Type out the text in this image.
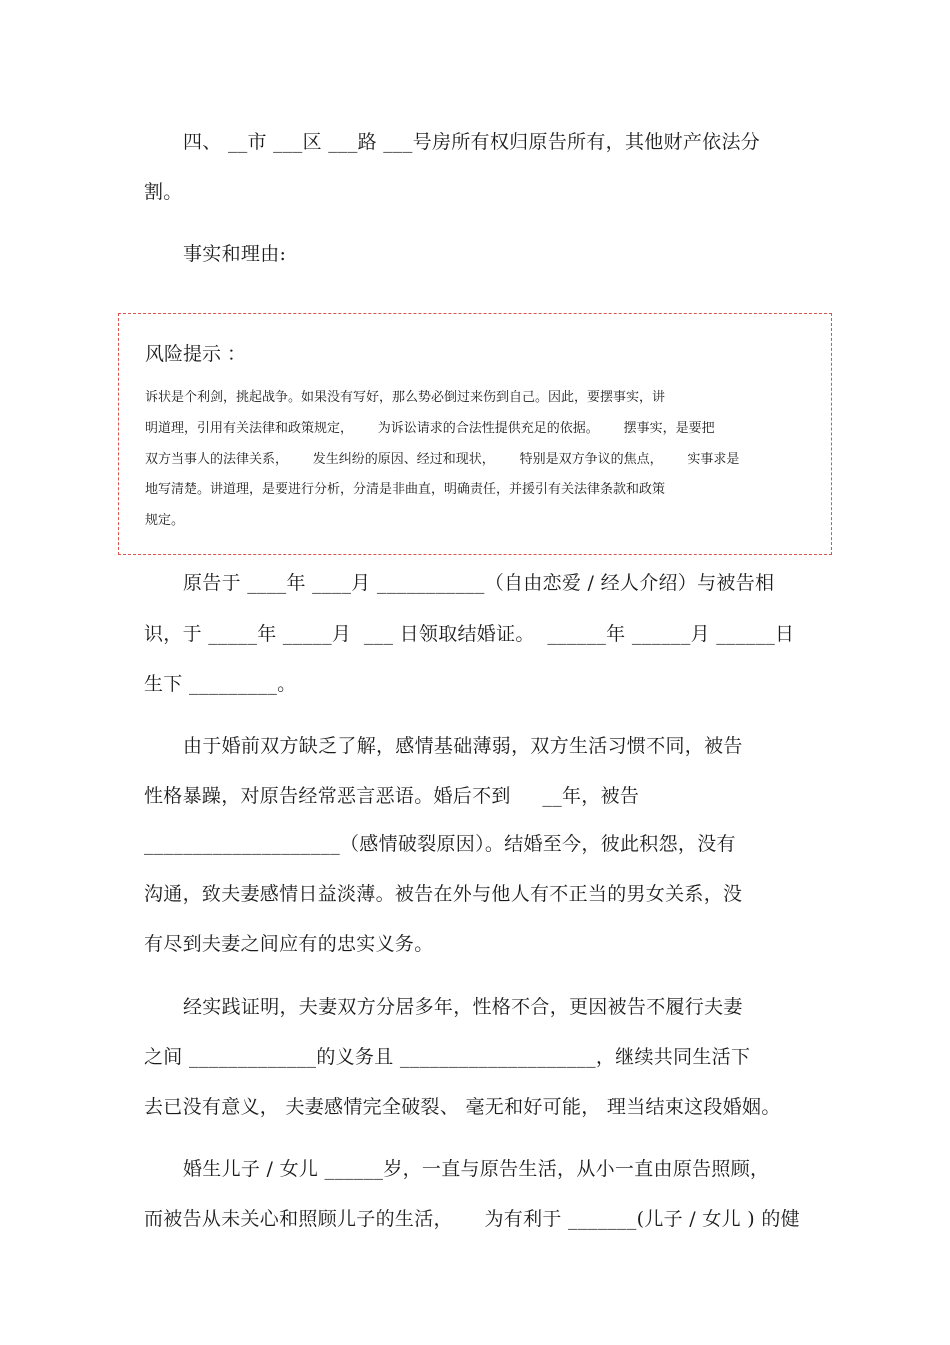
四、 __市 ___区 ___路 ___号房所有权归原告所有，其他财产依法分
割。
事实和理由:
风险提示 ：
诉状是个利剑，挑起战争。如果没有写好，那么势必倒过来伤到自己。因此，要摆事实，讲
明道理，引用有关法律和政策规定，      为诉讼请求的合法性提供充足的依据。      摆事实，是要把
双方当事人的法律关系，      发生纠纷的原因、经过和现状，      特别是双方争议的焦点，      实事求是
地写清楚。讲道理，是要进行分析，分清是非曲直，明确责任，并援引有关法律条款和政策
规定。
原告于 ____年 ____月 ___________（自由恋爱 / 经人介绍）与被告相
识，于 _____年 _____月  ___ 日领取结婚证。  ______年 ______月 ______日
生下 _________。
由于婚前双方缺乏了解，感情基础薄弱，双方生活习惯不同，被告
性格暴躁，对原告经常恶言恶语。婚后不到     __年，被告
____________________（感情破裂原因）。结婚至今，彼此积怨，没有
沟通，致夫妻感情日益淡薄。被告在外与他人有不正当的男女关系，没
有尽到夫妻之间应有的忠实义务。
经实践证明，夫妻双方分居多年，性格不合，更因被告不履行夫妻
之间 _____________的义务且 ____________________，继续共同生活下
去已没有意义， 夫妻感情完全破裂、 毫无和好可能， 理当结束这段婚姻。
婚生儿子 / 女儿 ______岁，一直与原告生活，从小一直由原告照顾，
而被告从未关心和照顾儿子的生活，     为有利于 _______(儿子 / 女儿 ) 的健
